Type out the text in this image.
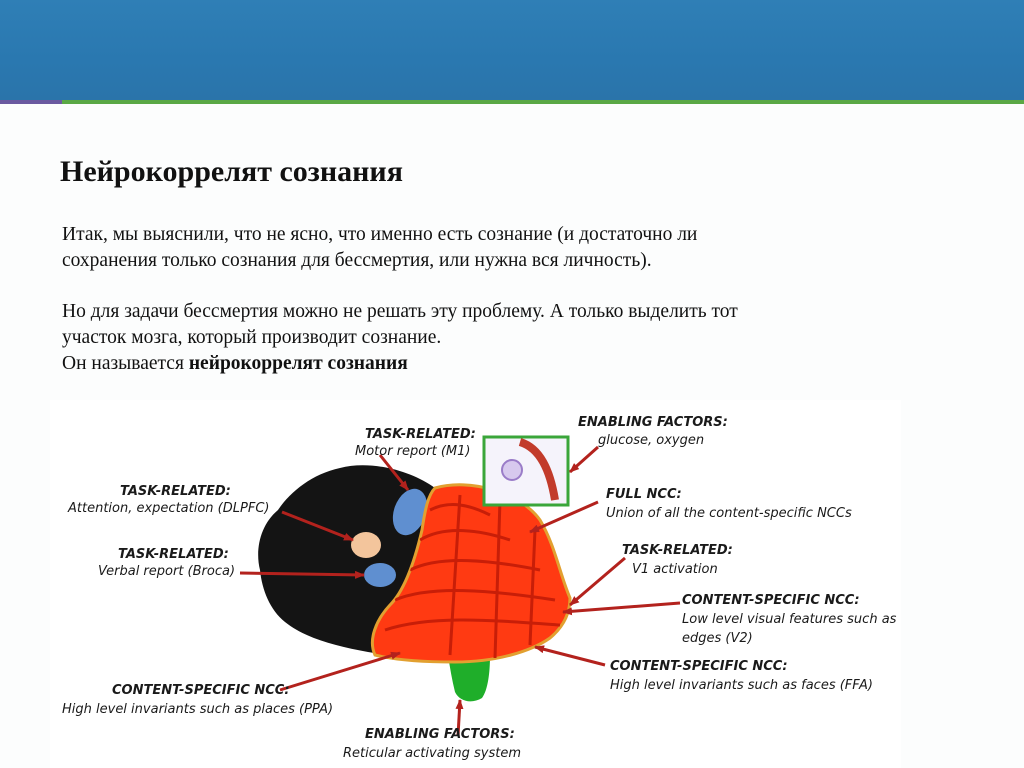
Нейрокоррелят сознания

Итак, мы выяснили, что не ясно, что именно есть сознание (и достаточно ли
сохранения только сознания для бессмертия, или нужна вся личность).

Но для задачи бессмертия можно не решать эту проблему. А только выделить тот
участок мозга, который производит сознание.
Он называется нейрокоррелят сознания

TASK-RELATED:
Motor report (M1)
TASK-RELATED:
Attention, expectation (DLPFC)
TASK-RELATED:
Verbal report (Broca)
CONTENT-SPECIFIC NCC:
High level invariants such as places (PPA)
ENABLING FACTORS:
Reticular activating system
ENABLING FACTORS:
glucose, oxygen
FULL NCC:
Union of all the content-specific NCCs
TASK-RELATED:
V1 activation
CONTENT-SPECIFIC NCC:
Low level visual features such as
edges (V2)
CONTENT-SPECIFIC NCC:
High level invariants such as faces (FFA)
